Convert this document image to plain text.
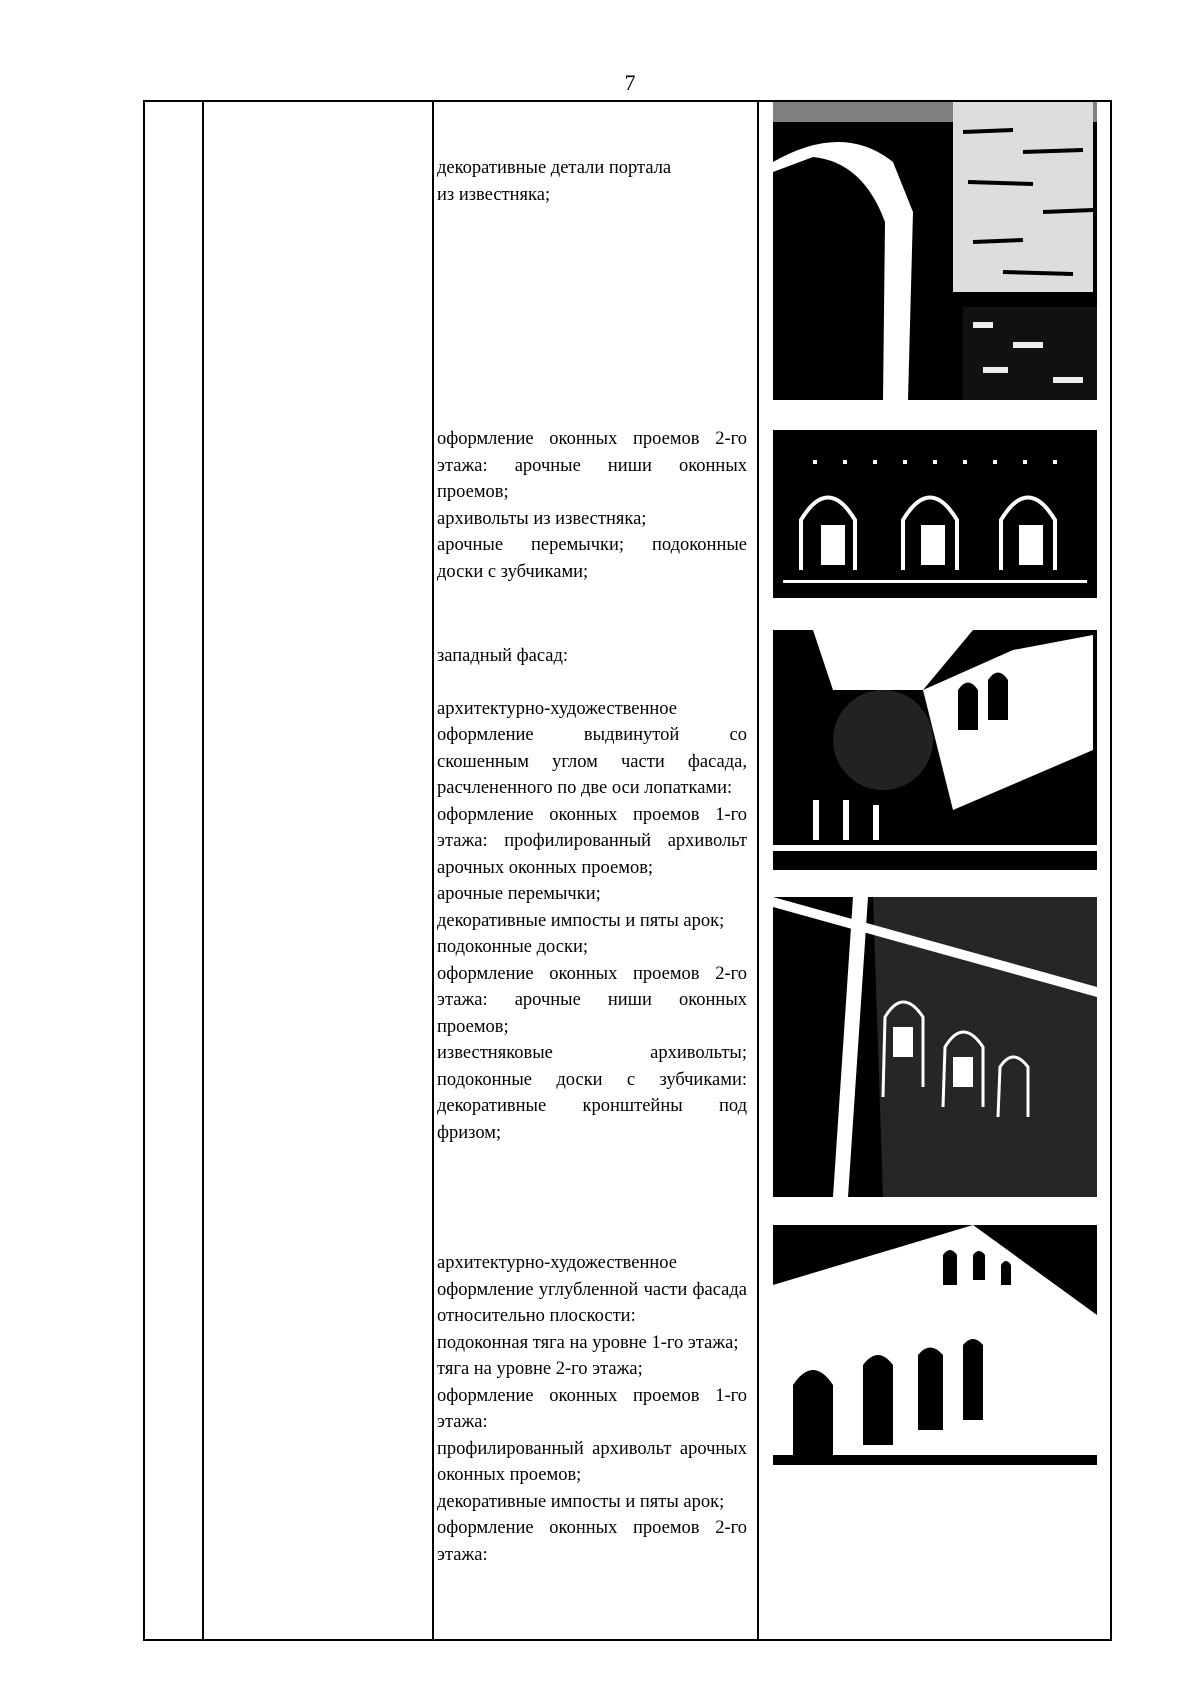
7

декоративные детали портала

из известняка;

оформление оконных проемов 2-го этажа: арочные ниши оконных проемов;

архивольты из известняка;

арочные перемычки; подоконные доски с зубчиками;

западный фасад:

архитектурно-художественное оформление выдвинутой со скошенным углом части фасада, расчлененного по две оси лопатками:

оформление оконных проемов 1-го этажа: профилированный архивольт арочных оконных проемов;

арочные перемычки;

декоративные импосты и пяты арок;

подоконные доски;

оформление оконных проемов 2-го этажа: арочные ниши оконных проемов;

известняковые архивольты; подоконные доски с зубчиками: декоративные кронштейны под фризом;

архитектурно-художественное оформление углубленной части фасада относительно плоскости:

подоконная тяга на уровне 1-го этажа;

тяга на уровне 2-го этажа;

оформление оконных проемов 1-го этажа:

профилированный архивольт арочных оконных проемов;

декоративные импосты и пяты арок;

оформление оконных проемов 2-го этажа:
